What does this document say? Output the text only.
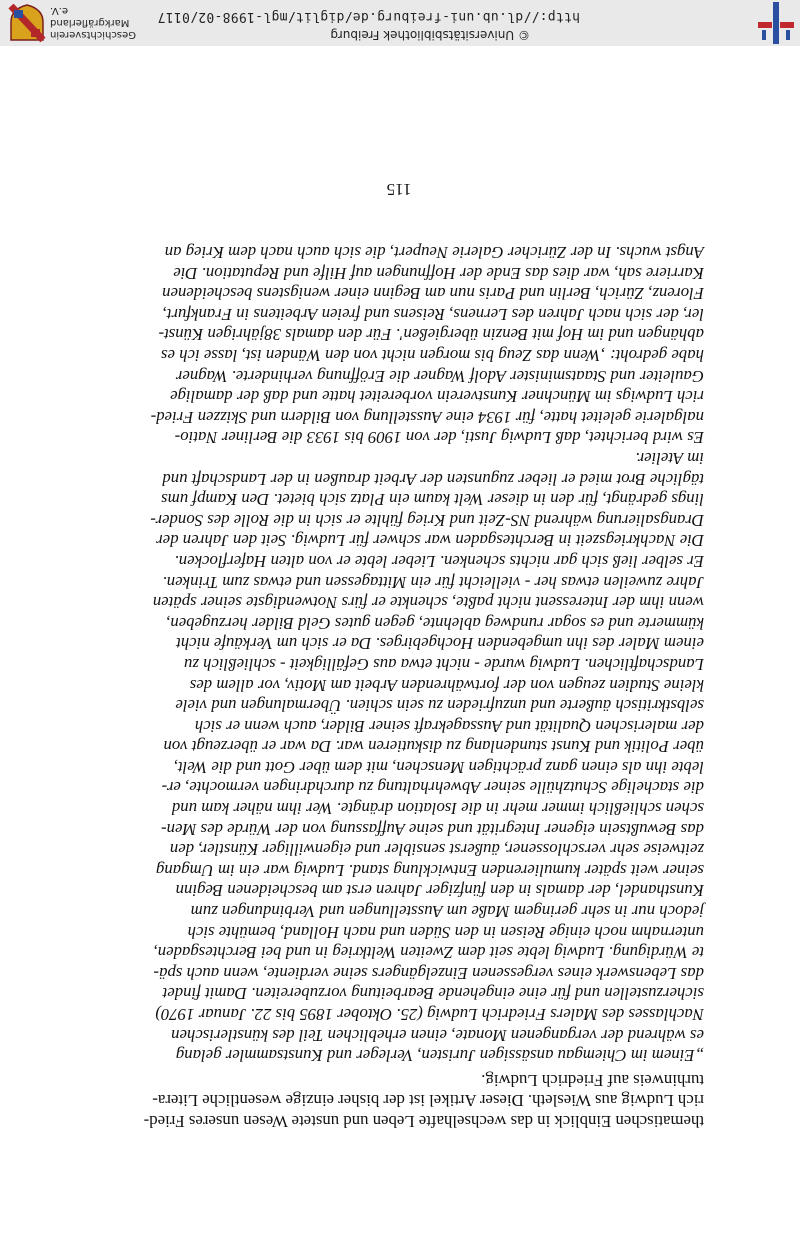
thematischen Einblick in das wechselhafte Leben und unstete Wesen unseres Fried-
rich Ludwig aus Wiesleth. Dieser Artikel ist der bisher einzige wesentliche Litera-
turhinweis auf Friedrich Ludwig.

„Einem im Chiemgau ansässigen Juristen, Verleger und Kunstsammler gelang
es während der vergangenen Monate, einen erheblichen Teil des künstlerischen
Nachlasses des Malers Friedrich Ludwig (25. Oktober 1895 bis 22. Januar 1970)
sicherzustellen und für eine eingehende Bearbeitung vorzubereiten. Damit findet
das Lebenswerk eines vergessenen Einzelgängers seine verdiente, wenn auch spä-
te Würdigung. Ludwig lebte seit dem Zweiten Weltkrieg in und bei Berchtesgaden,
unternahm noch einige Reisen in den Süden und nach Holland, bemühte sich
jedoch nur in sehr geringem Maße um Ausstellungen und Verbindungen zum
Kunsthandel, der damals in den fünfziger Jahren erst am bescheidenen Beginn
seiner weit später kumulierenden Entwicklung stand. Ludwig war ein im Umgang
zeitweise sehr verschlossener, äußerst sensibler und eigenwilliger Künstler, den
das Bewußtsein eigener Integrität und seine Auffassung von der Würde des Men-
schen schließlich immer mehr in die Isolation drängte. Wer ihm näher kam und
die stachelige Schutzhülle seiner Abwehrhaltung zu durchdringen vermochte, er-
lebte ihn als einen ganz prächtigen Menschen, mit dem über Gott und die Welt,
über Politik und Kunst stundenlang zu diskutieren war. Da war er überzeugt von
der malerischen Qualität und Aussagekraft seiner Bilder, auch wenn er sich
selbstkritisch äußerte und unzufrieden zu sein schien. Übermalungen und viele
kleine Studien zeugen von der fortwährenden Arbeit am Motiv, vor allem des
Landschaftlichen. Ludwig wurde - nicht etwa aus Gefälligkeit - schließlich zu
einem Maler des ihn umgebenden Hochgebirges. Da er sich um Verkäufe nicht
kümmerte und es sogar rundweg ablehnte, gegen gutes Geld Bilder herzugeben,
wenn ihm der Interessent nicht paßte, schenkte er fürs Notwendigste seiner späten
Jahre zuweilen etwas her - vielleicht für ein Mittagessen und etwas zum Trinken.
Er selber ließ sich gar nichts schenken. Lieber lebte er von alten Haferflocken.
Die Nachkriegszeit in Berchtesgaden war schwer für Ludwig. Seit den Jahren der
Drangsalierung während NS-Zeit und Krieg fühlte er sich in die Rolle des Sonder-
lings gedrängt, für den in dieser Welt kaum ein Platz sich bietet. Den Kampf ums
tägliche Brot mied er lieber zugunsten der Arbeit draußen in der Landschaft und
im Atelier.

Es wird berichtet, daß Ludwig Justi, der von 1909 bis 1933 die Berliner Natio-
nalgalerie geleitet hatte, für 1934 eine Ausstellung von Bildern und Skizzen Fried-
rich Ludwigs im Münchner Kunstverein vorbereitet hatte und daß der damalige
Gauleiter und Staatsminister Adolf Wagner die Eröffnung verhinderte. Wagner
habe gedroht: ‚Wenn das Zeug bis morgen nicht von den Wänden ist, lasse ich es
abhängen und im Hof mit Benzin übergießen'. Für den damals 38jährigen Künst-
ler, der sich nach Jahren des Lernens, Reisens und freien Arbeitens in Frankfurt,
Florenz, Zürich, Berlin und Paris nun am Beginn einer wenigstens bescheidenen
Karriere sah, war dies das Ende der Hoffnungen auf Hilfe und Reputation. Die
Angst wuchs. In der Züricher Galerie Neupert, die sich auch nach dem Krieg an

115
© Universitätsbibliothek Freiburg
http://dl.ub.uni-freiburg.de/diglit/mgl-1998-02/0117
Geschichtsverein
Markgräflerland e.V.
